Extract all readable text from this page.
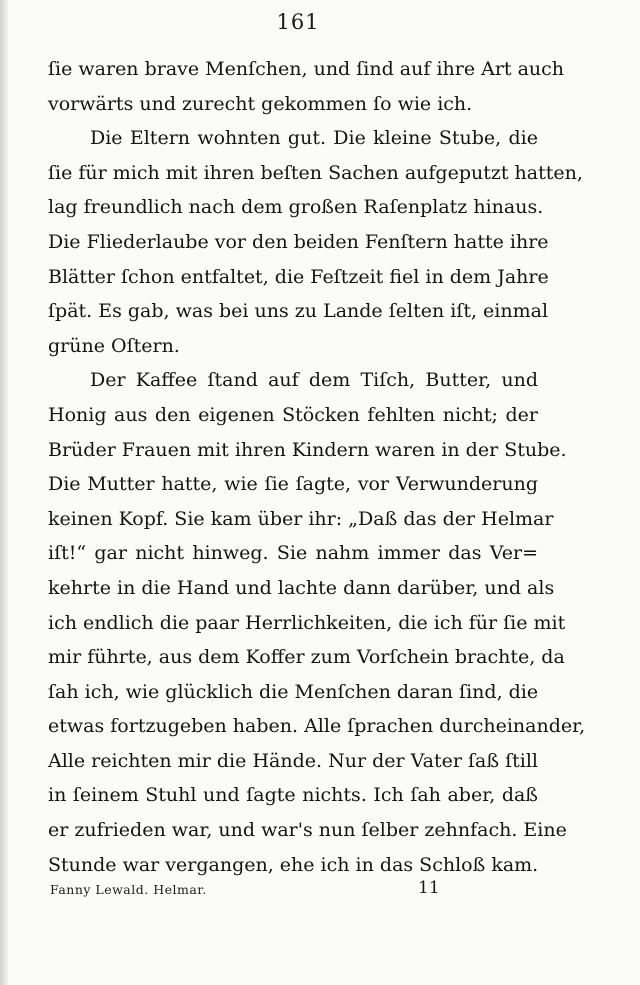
161
ſie waren brave Menſchen, und ſind auf ihre Art auch
vorwärts und zurecht gekommen ſo wie ich.
Die Eltern wohnten gut. Die kleine Stube, die
ſie für mich mit ihren beſten Sachen aufgeputzt hatten,
lag freundlich nach dem großen Raſenplatz hinaus.
Die Fliederlaube vor den beiden Fenſtern hatte ihre
Blätter ſchon entfaltet, die Feſtzeit fiel in dem Jahre
ſpät. Es gab, was bei uns zu Lande ſelten iſt, einmal
grüne Oſtern.
Der Kaffee ſtand auf dem Tiſch, Butter, und
Honig aus den eigenen Stöcken fehlten nicht; der
Brüder Frauen mit ihren Kindern waren in der Stube.
Die Mutter hatte, wie ſie ſagte, vor Verwunderung
keinen Kopf. Sie kam über ihr: „Daß das der Helmar
iſt!“ gar nicht hinweg. Sie nahm immer das Ver=
kehrte in die Hand und lachte dann darüber, und als
ich endlich die paar Herrlichkeiten, die ich für ſie mit
mir führte, aus dem Koffer zum Vorſchein brachte, da
ſah ich, wie glücklich die Menſchen daran ſind, die
etwas fortzugeben haben. Alle ſprachen durcheinander,
Alle reichten mir die Hände. Nur der Vater ſaß ſtill
in ſeinem Stuhl und ſagte nichts. Ich ſah aber, daß
er zufrieden war, und war's nun ſelber zehnfach. Eine
Stunde war vergangen, ehe ich in das Schloß kam.
Fanny Lewald. Helmar.	11
